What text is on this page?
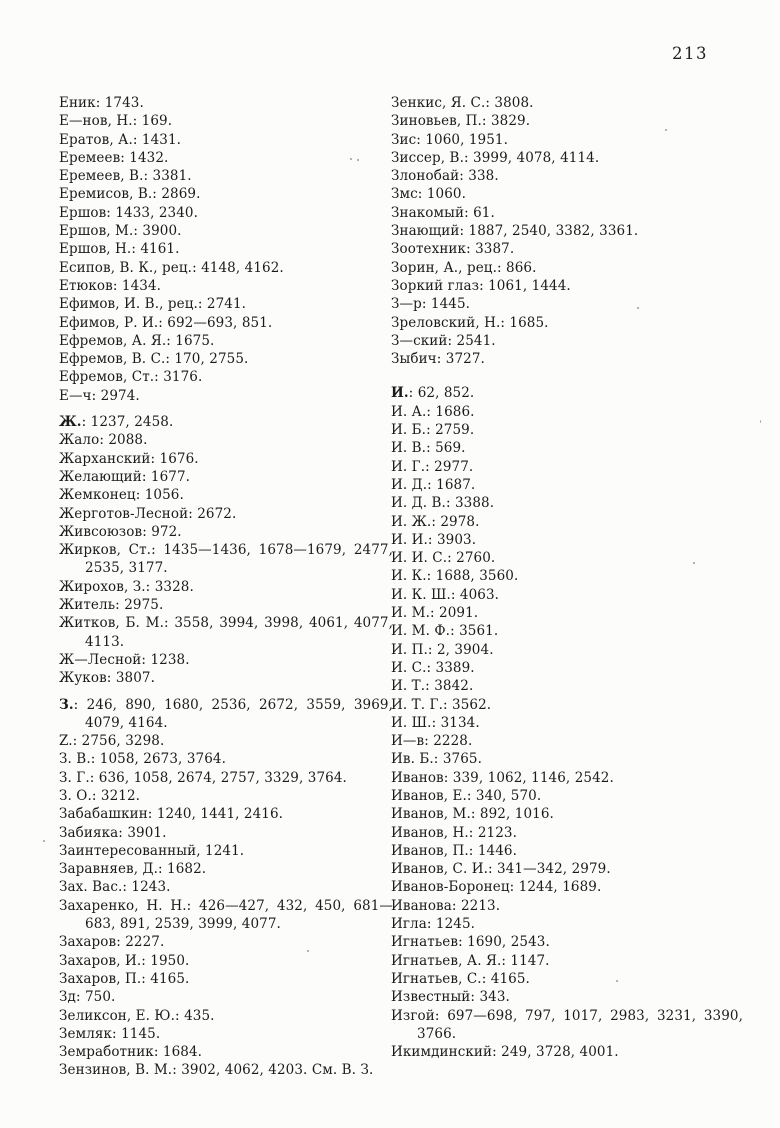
213
Еник: 1743.
Е—нов, Н.: 169.
Ератов, А.: 1431.
Еремеев: 1432.
Еремеев, В.: 3381.
Еремисов, В.: 2869.
Ершов: 1433, 2340.
Ершов, М.: 3900.
Ершов, Н.: 4161.
Есипов, В. К., рец.: 4148, 4162.
Етюков: 1434.
Ефимов, И. В., рец.: 2741.
Ефимов, Р. И.: 692—693, 851.
Ефремов, А. Я.: 1675.
Ефремов, В. С.: 170, 2755.
Ефремов, Ст.: 3176.
Е—ч: 2974.
Ж.: 1237, 2458.
Жало: 2088.
Жарханский: 1676.
Желающий: 1677.
Жемконец: 1056.
Жерготов-Лесной: 2672.
Живсоюзов: 972.
Жирков, Ст.: 1435—1436, 1678—1679, 2477, 2535, 3177.
Жирохов, З.: 3328.
Житель: 2975.
Житков, Б. М.: 3558, 3994, 3998, 4061, 4077, 4113.
Ж—Лесной: 1238.
Жуков: 3807.
З.: 246, 890, 1680, 2536, 2672, 3559, 3969, 4079, 4164.
Z.: 2756, 3298.
З. В.: 1058, 2673, 3764.
З. Г.: 636, 1058, 2674, 2757, 3329, 3764.
З. О.: 3212.
Забабашкин: 1240, 1441, 2416.
Забияка: 3901.
Заинтересованный, 1241.
Заравняев, Д.: 1682.
Зах. Вас.: 1243.
Захаренко, Н. Н.: 426—427, 432, 450, 681—683, 891, 2539, 3999, 4077.
Захаров: 2227.
Захаров, И.: 1950.
Захаров, П.: 4165.
Зд: 750.
Зеликсон, Е. Ю.: 435.
Земляк: 1145.
Земработник: 1684.
Зензинов, В. М.: 3902, 4062, 4203. См. В. З.
Зенкис, Я. С.: 3808.
Зиновьев, П.: 3829.
Зис: 1060, 1951.
Зиссер, В.: 3999, 4078, 4114.
Злонобай: 338.
Змс: 1060.
Знакомый: 61.
Знающий: 1887, 2540, 3382, 3361.
Зоотехник: 3387.
Зорин, А., рец.: 866.
Зоркий глаз: 1061, 1444.
З—р: 1445.
Зреловский, Н.: 1685.
З—ский: 2541.
Зыбич: 3727.
И.: 62, 852.
И. А.: 1686.
И. Б.: 2759.
И. В.: 569.
И. Г.: 2977.
И. Д.: 1687.
И. Д. В.: 3388.
И. Ж.: 2978.
И. И.: 3903.
И. И. С.: 2760.
И. К.: 1688, 3560.
И. К. Ш.: 4063.
И. М.: 2091.
И. М. Ф.: 3561.
И. П.: 2, 3904.
И. С.: 3389.
И. Т.: 3842.
И. Т. Г.: 3562.
И. Ш.: 3134.
И—в: 2228.
Ив. Б.: 3765.
Иванов: 339, 1062, 1146, 2542.
Иванов, Е.: 340, 570.
Иванов, М.: 892, 1016.
Иванов, Н.: 2123.
Иванов, П.: 1446.
Иванов, С. И.: 341—342, 2979.
Иванов-Боронец: 1244, 1689.
Иванова: 2213.
Игла: 1245.
Игнатьев: 1690, 2543.
Игнатьев, А. Я.: 1147.
Игнатьев, С.: 4165.
Известный: 343.
Изгой: 697—698, 797, 1017, 2983, 3231, 3390, 3766.
Икимдинский: 249, 3728, 4001.
